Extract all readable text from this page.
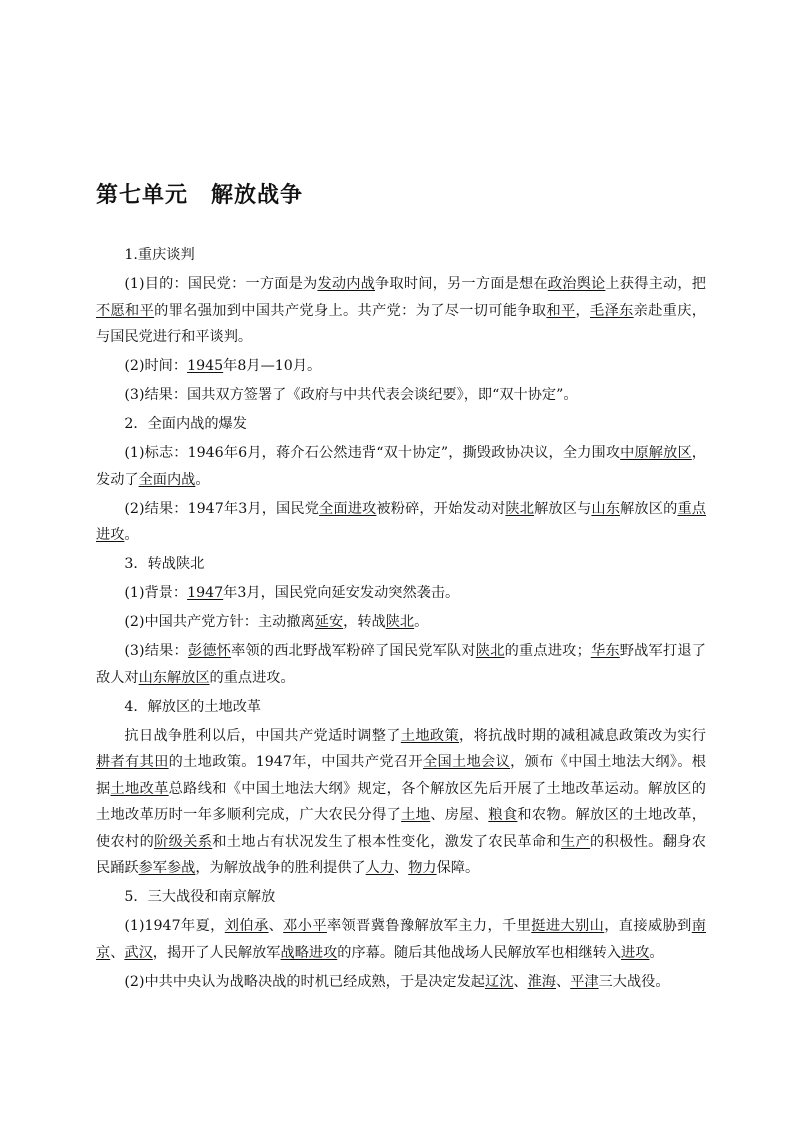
第七单元　解放战争

1.重庆谈判

(1)目的：国民党：一方面是为发动内战争取时间，另一方面是想在政治舆论上获得主动，把不愿和平的罪名强加到中国共产党身上。共产党：为了尽一切可能争取和平，毛泽东亲赴重庆，与国民党进行和平谈判。

(2)时间：1945年8月—10月。

(3)结果：国共双方签署了《政府与中共代表会谈纪要》，即“双十协定”。

2．全面内战的爆发

(1)标志：1946年6月，蒋介石公然违背“双十协定”，撕毁政协决议，全力围攻中原解放区，发动了全面内战。

(2)结果：1947年3月，国民党全面进攻被粉碎，开始发动对陕北解放区与山东解放区的重点进攻。

3．转战陕北

(1)背景：1947年3月，国民党向延安发动突然袭击。

(2)中国共产党方针：主动撤离延安，转战陕北。

(3)结果：彭德怀率领的西北野战军粉碎了国民党军队对陕北的重点进攻；华东野战军打退了敌人对山东解放区的重点进攻。

4．解放区的土地改革

抗日战争胜利以后，中国共产党适时调整了土地政策，将抗战时期的减租减息政策改为实行耕者有其田的土地政策。1947年，中国共产党召开全国土地会议，颁布《中国土地法大纲》。根据土地改革总路线和《中国土地法大纲》规定，各个解放区先后开展了土地改革运动。解放区的土地改革历时一年多顺利完成，广大农民分得了土地、房屋、粮食和农物。解放区的土地改革，使农村的阶级关系和土地占有状况发生了根本性变化，激发了农民革命和生产的积极性。翻身农民踊跃参军参战，为解放战争的胜利提供了人力、物力保障。

5．三大战役和南京解放

(1)1947年夏，刘伯承、邓小平率领晋冀鲁豫解放军主力，千里挺进大别山，直接威胁到南京、武汉，揭开了人民解放军战略进攻的序幕。随后其他战场人民解放军也相继转入进攻。

(2)中共中央认为战略决战的时机已经成熟，于是决定发起辽沈、淮海、平津三大战役。
